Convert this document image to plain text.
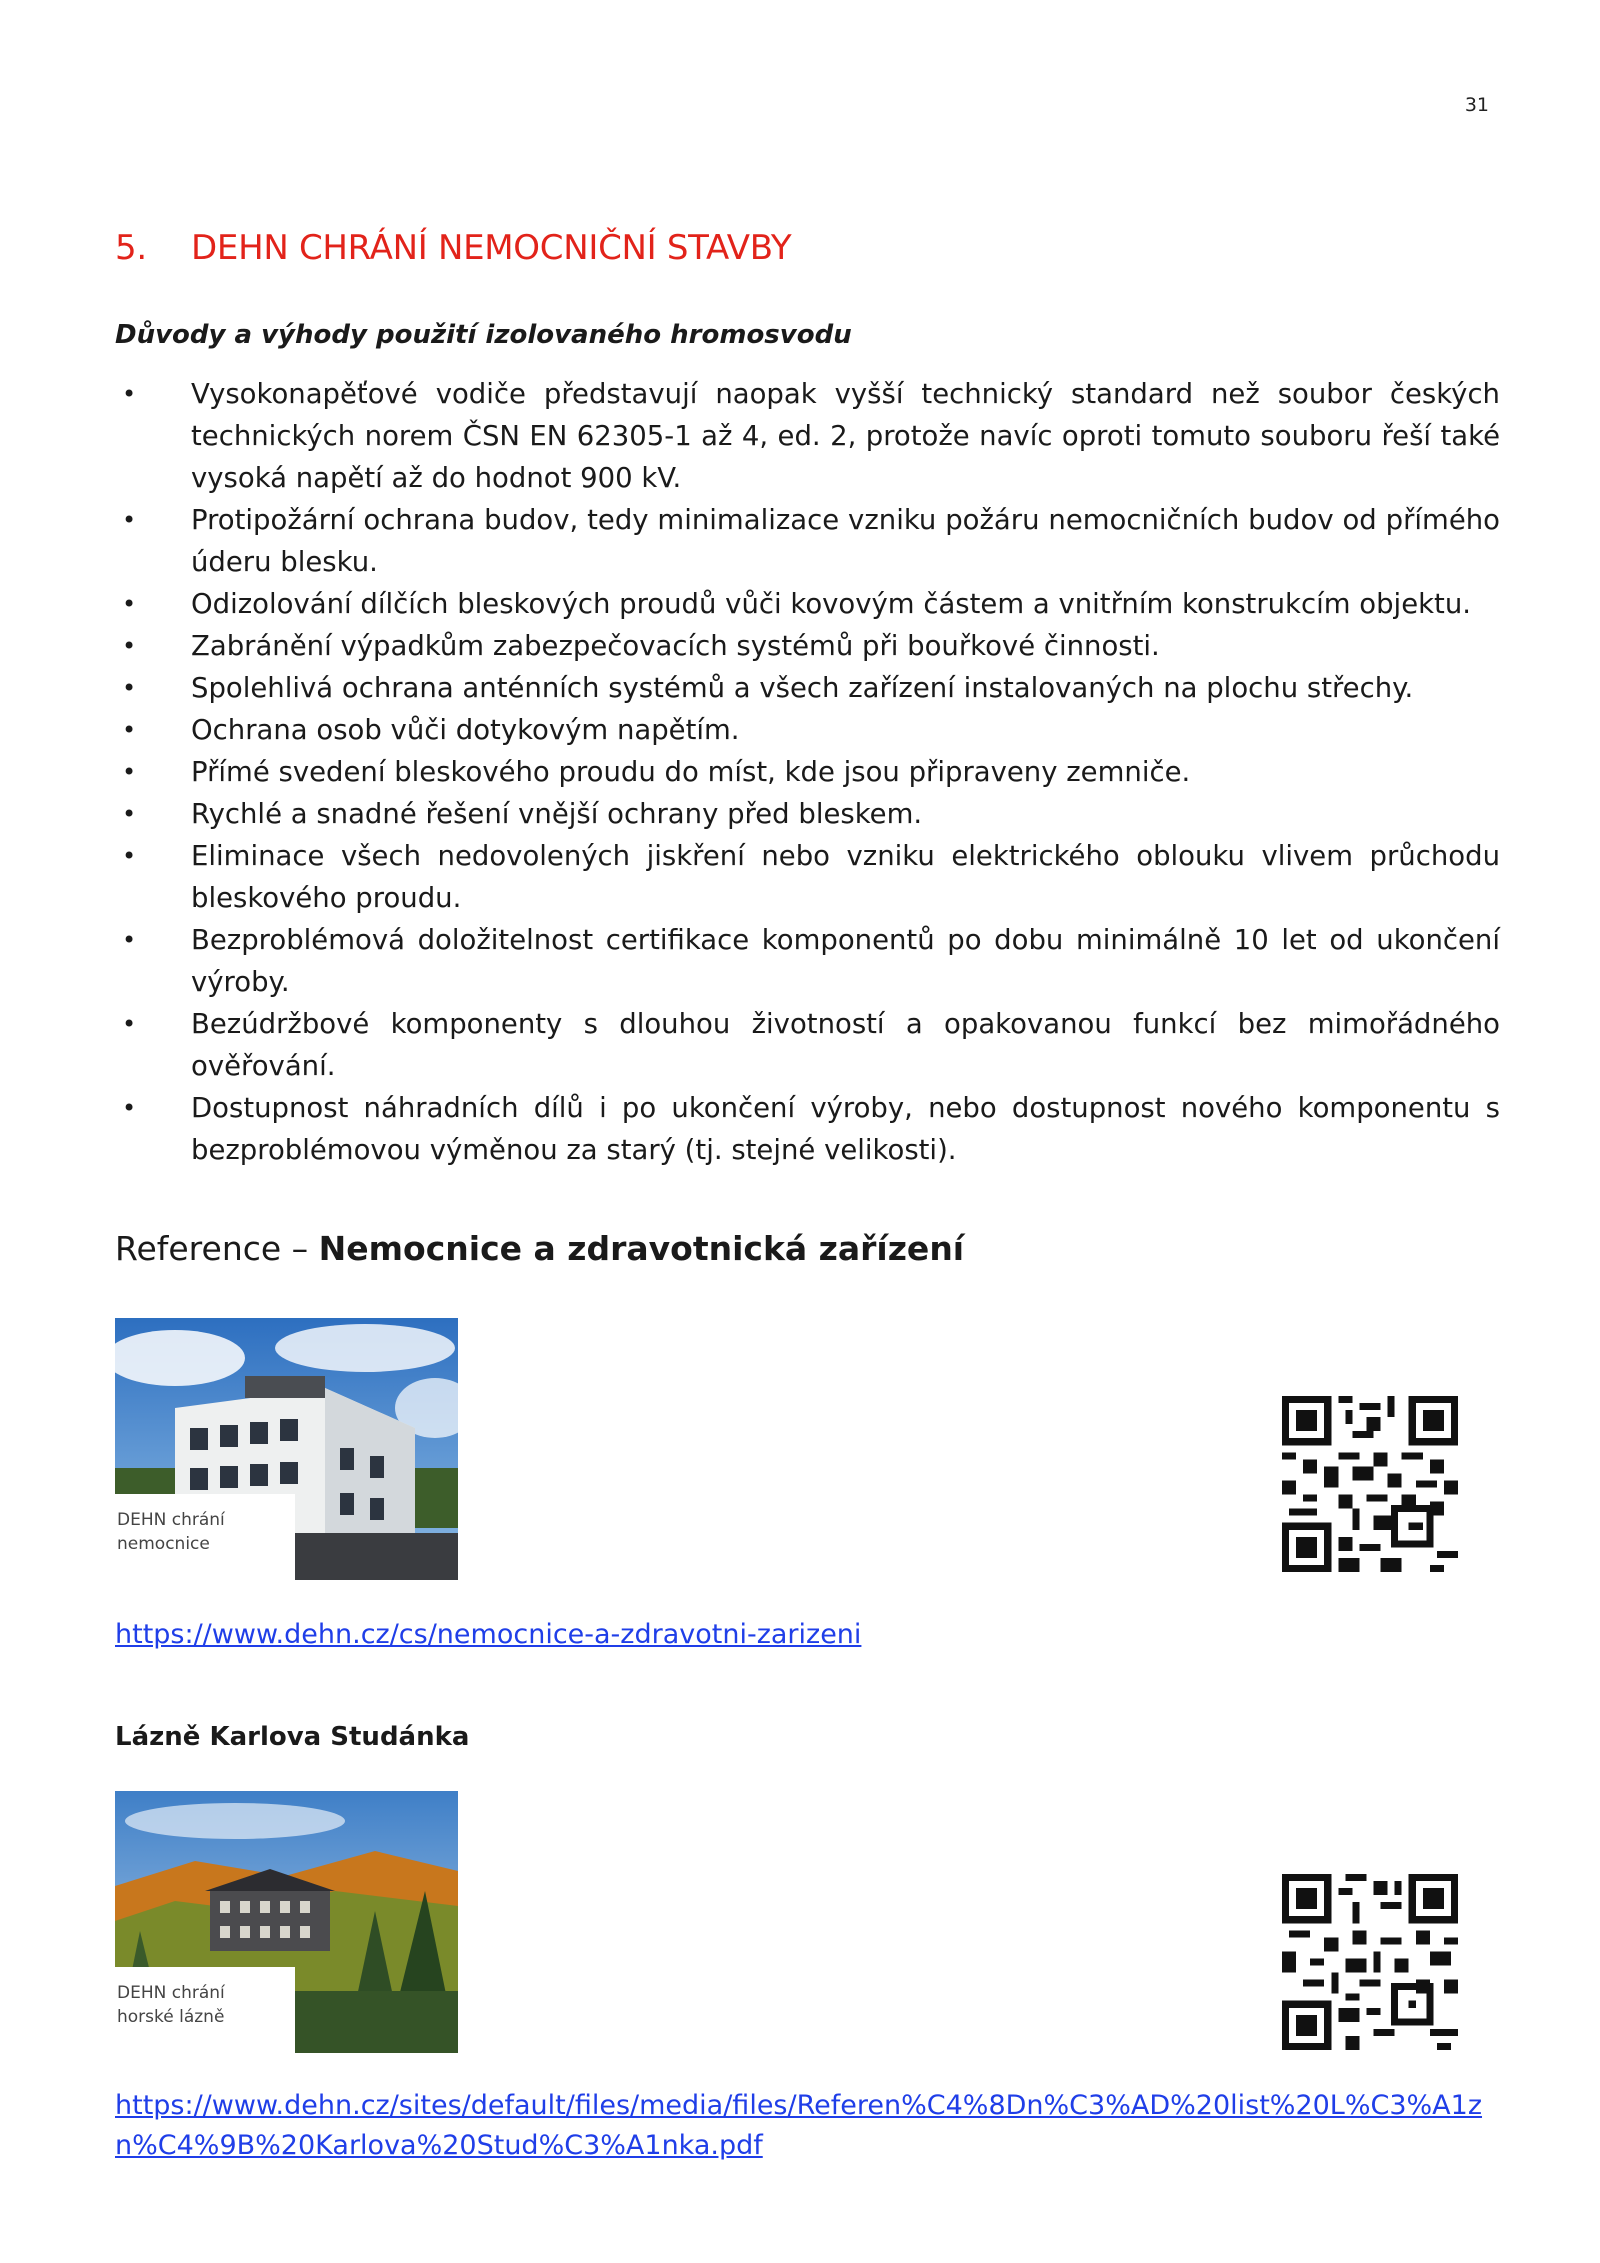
31
5. DEHN CHRÁNÍ NEMOCNIČNÍ STAVBY
Důvody a výhody použití izolovaného hromosvodu
• Vysokonapěťové vodiče představují naopak vyšší technický standard než soubor českých technických norem ČSN EN 62305-1 až 4, ed. 2, protože navíc oproti tomuto souboru řeší také vysoká napětí až do hodnot 900 kV.
• Protipožární ochrana budov, tedy minimalizace vzniku požáru nemocničních budov od přímého úderu blesku.
• Odizolování dílčích bleskových proudů vůči kovovým částem a vnitřním konstrukcím objektu.
• Zabránění výpadkům zabezpečovacích systémů při bouřkové činnosti.
• Spolehlivá ochrana anténních systémů a všech zařízení instalovaných na plochu střechy.
• Ochrana osob vůči dotykovým napětím.
• Přímé svedení bleskového proudu do míst, kde jsou připraveny zemniče.
• Rychlé a snadné řešení vnější ochrany před bleskem.
• Eliminace všech nedovolených jiskření nebo vzniku elektrického oblouku vlivem průchodu bleskového proudu.
• Bezproblémová doložitelnost certifikace komponentů po dobu minimálně 10 let od ukončení výroby.
• Bezúdržbové komponenty s dlouhou životností a opakovanou funkcí bez mimořádného ověřování.
• Dostupnost náhradních dílů i po ukončení výroby, nebo dostupnost nového komponentu s bezproblémovou výměnou za starý (tj. stejné velikosti).
Reference – Nemocnice a zdravotnická zařízení
DEHN chrání
nemocnice
https://www.dehn.cz/cs/nemocnice-a-zdravotni-zarizeni
Lázně Karlova Studánka
DEHN chrání
horské lázně
https://www.dehn.cz/sites/default/files/media/files/Referen%C4%8Dn%C3%AD%20list%20L%C3%A1z
n%C4%9B%20Karlova%20Stud%C3%A1nka.pdf
